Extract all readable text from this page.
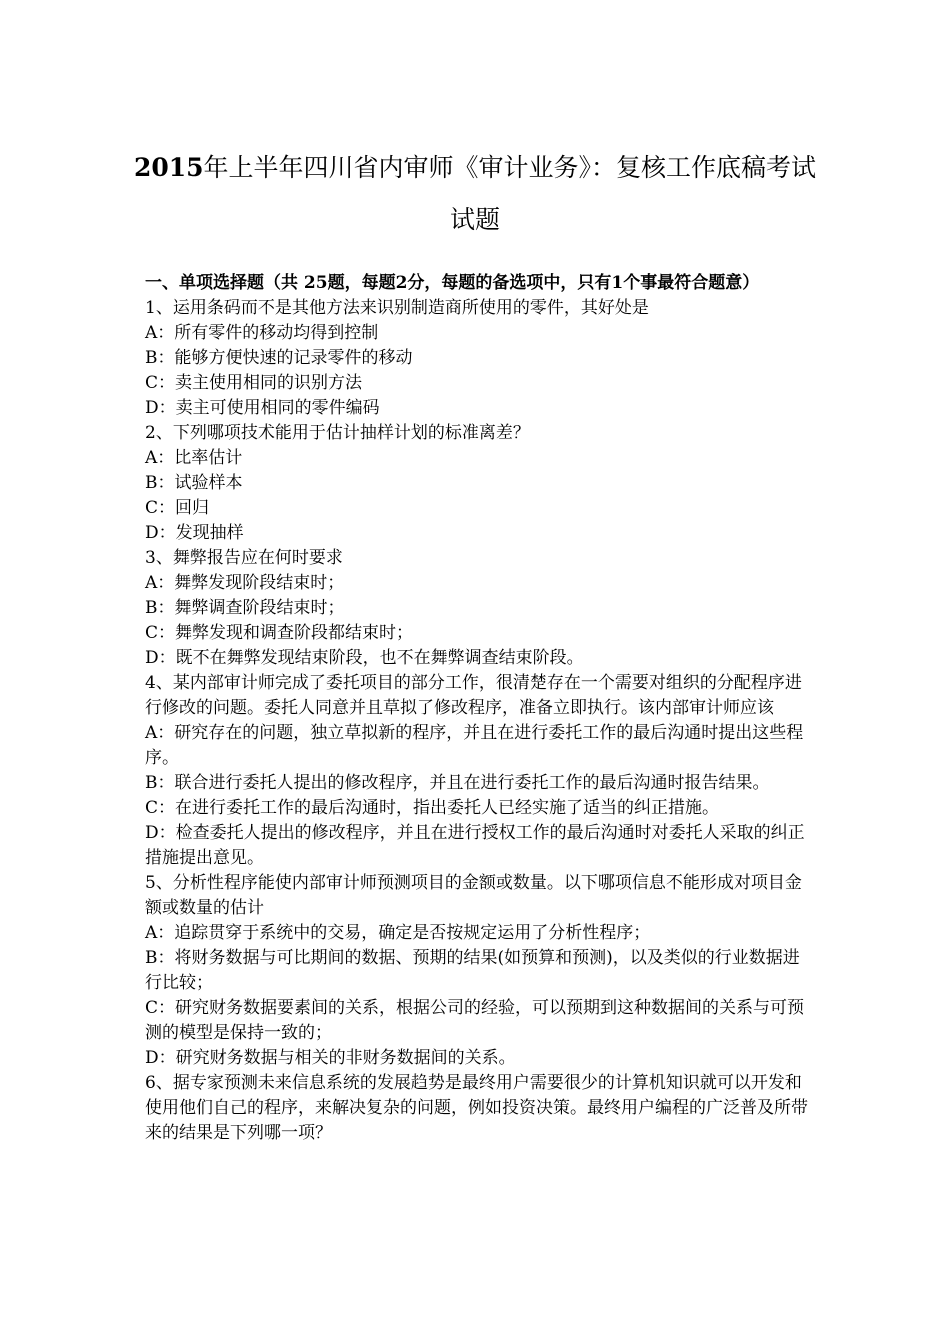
2015年上半年四川省内审师《审计业务》：复核工作底稿考试试题

一、单项选择题（共 25题，每题2分，每题的备选项中，只有1个事最符合题意）

1、运用条码而不是其他方法来识别制造商所使用的零件，其好处是

A：所有零件的移动均得到控制

B：能够方便快速的记录零件的移动

C：卖主使用相同的识别方法

D：卖主可使用相同的零件编码

2、下列哪项技术能用于估计抽样计划的标准离差？

A：比率估计

B：试验样本

C：回归

D：发现抽样

3、舞弊报告应在何时要求

A：舞弊发现阶段结束时；

B：舞弊调查阶段结束时；

C：舞弊发现和调查阶段都结束时；

D：既不在舞弊发现结束阶段，也不在舞弊调查结束阶段。

4、某内部审计师完成了委托项目的部分工作，很清楚存在一个需要对组织的分配程序进行修改的问题。委托人同意并且草拟了修改程序，准备立即执行。该内部审计师应该

A：研究存在的问题，独立草拟新的程序，并且在进行委托工作的最后沟通时提出这些程序。

B：联合进行委托人提出的修改程序，并且在进行委托工作的最后沟通时报告结果。

C：在进行委托工作的最后沟通时，指出委托人已经实施了适当的纠正措施。

D：检查委托人提出的修改程序，并且在进行授权工作的最后沟通时对委托人采取的纠正措施提出意见。

5、分析性程序能使内部审计师预测项目的金额或数量。以下哪项信息不能形成对项目金额或数量的估计

A：追踪贯穿于系统中的交易，确定是否按规定运用了分析性程序；

B：将财务数据与可比期间的数据、预期的结果(如预算和预测)，以及类似的行业数据进行比较；

C：研究财务数据要素间的关系，根据公司的经验，可以预期到这种数据间的关系与可预测的模型是保持一致的；

D：研究财务数据与相关的非财务数据间的关系。

6、据专家预测未来信息系统的发展趋势是最终用户需要很少的计算机知识就可以开发和使用他们自己的程序，来解决复杂的问题，例如投资决策。最终用户编程的广泛普及所带来的结果是下列哪一项？
